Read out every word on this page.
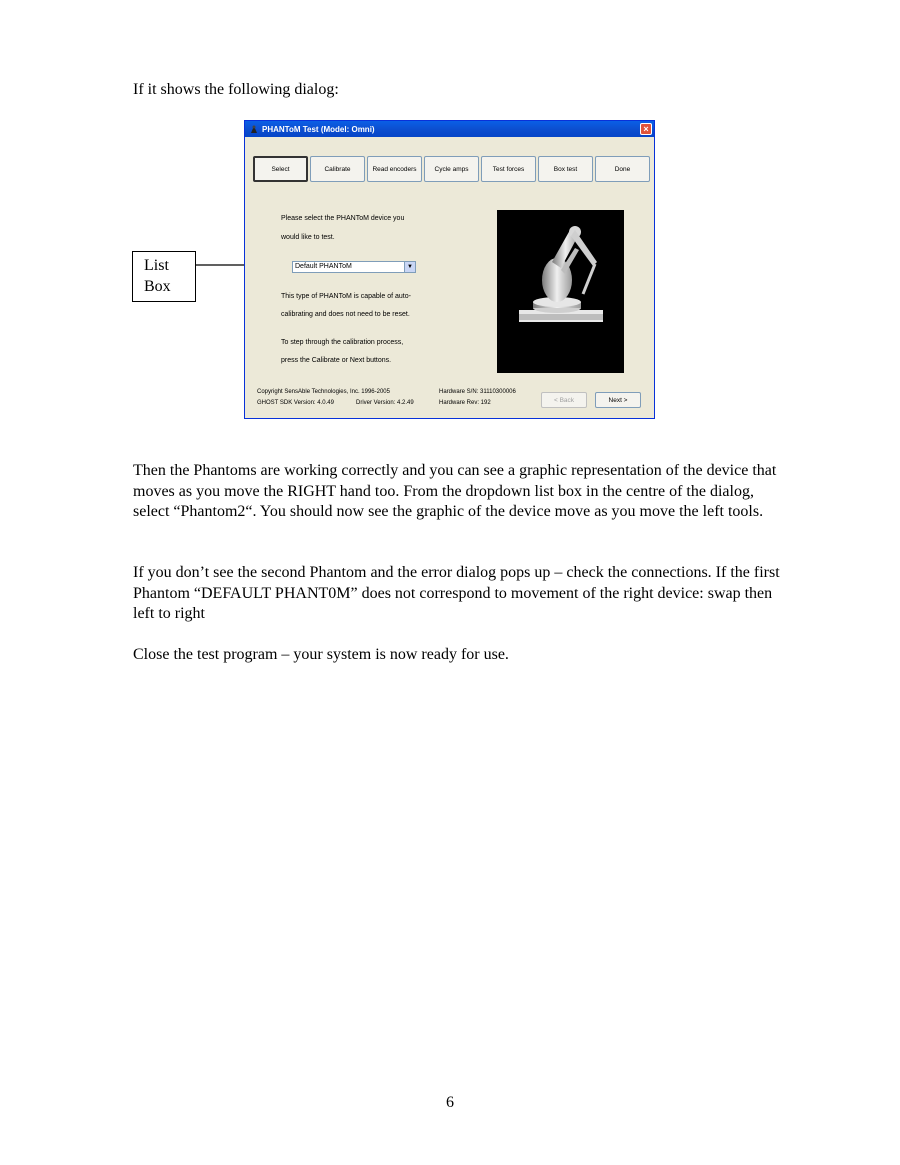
If it shows the following dialog:

List
Box
PHANToM Test (Model: Omni)	×
Select	Calibrate	Read encoders	Cycle amps	Test forces	Box test	Done
Please select the PHANToM device you
would like to test.
Default PHANToM	▼
This type of PHANToM is capable of auto-
calibrating and does not need to be reset.
To step through the calibration process,
press the Calibrate or Next buttons.
Copyright SensAble Technologies, Inc. 1996-2005
GHOST SDK Version: 4.0.49	Driver Version: 4.2.49
Hardware S/N: 31110300006
Hardware Rev: 192	< Back	Next >

Then the Phantoms are working correctly and you can see a graphic representation of the device that moves as you move the RIGHT hand too. From the dropdown list box in the centre of the dialog, select “Phantom2“. You should now see the graphic of the device move as you move the left tools.

If you don’t see the second Phantom and the error dialog pops up – check the connections. If the first Phantom “DEFAULT PHANT0M” does not correspond to movement of the right device: swap then left to right

Close the test program – your system is now ready for use.

6
